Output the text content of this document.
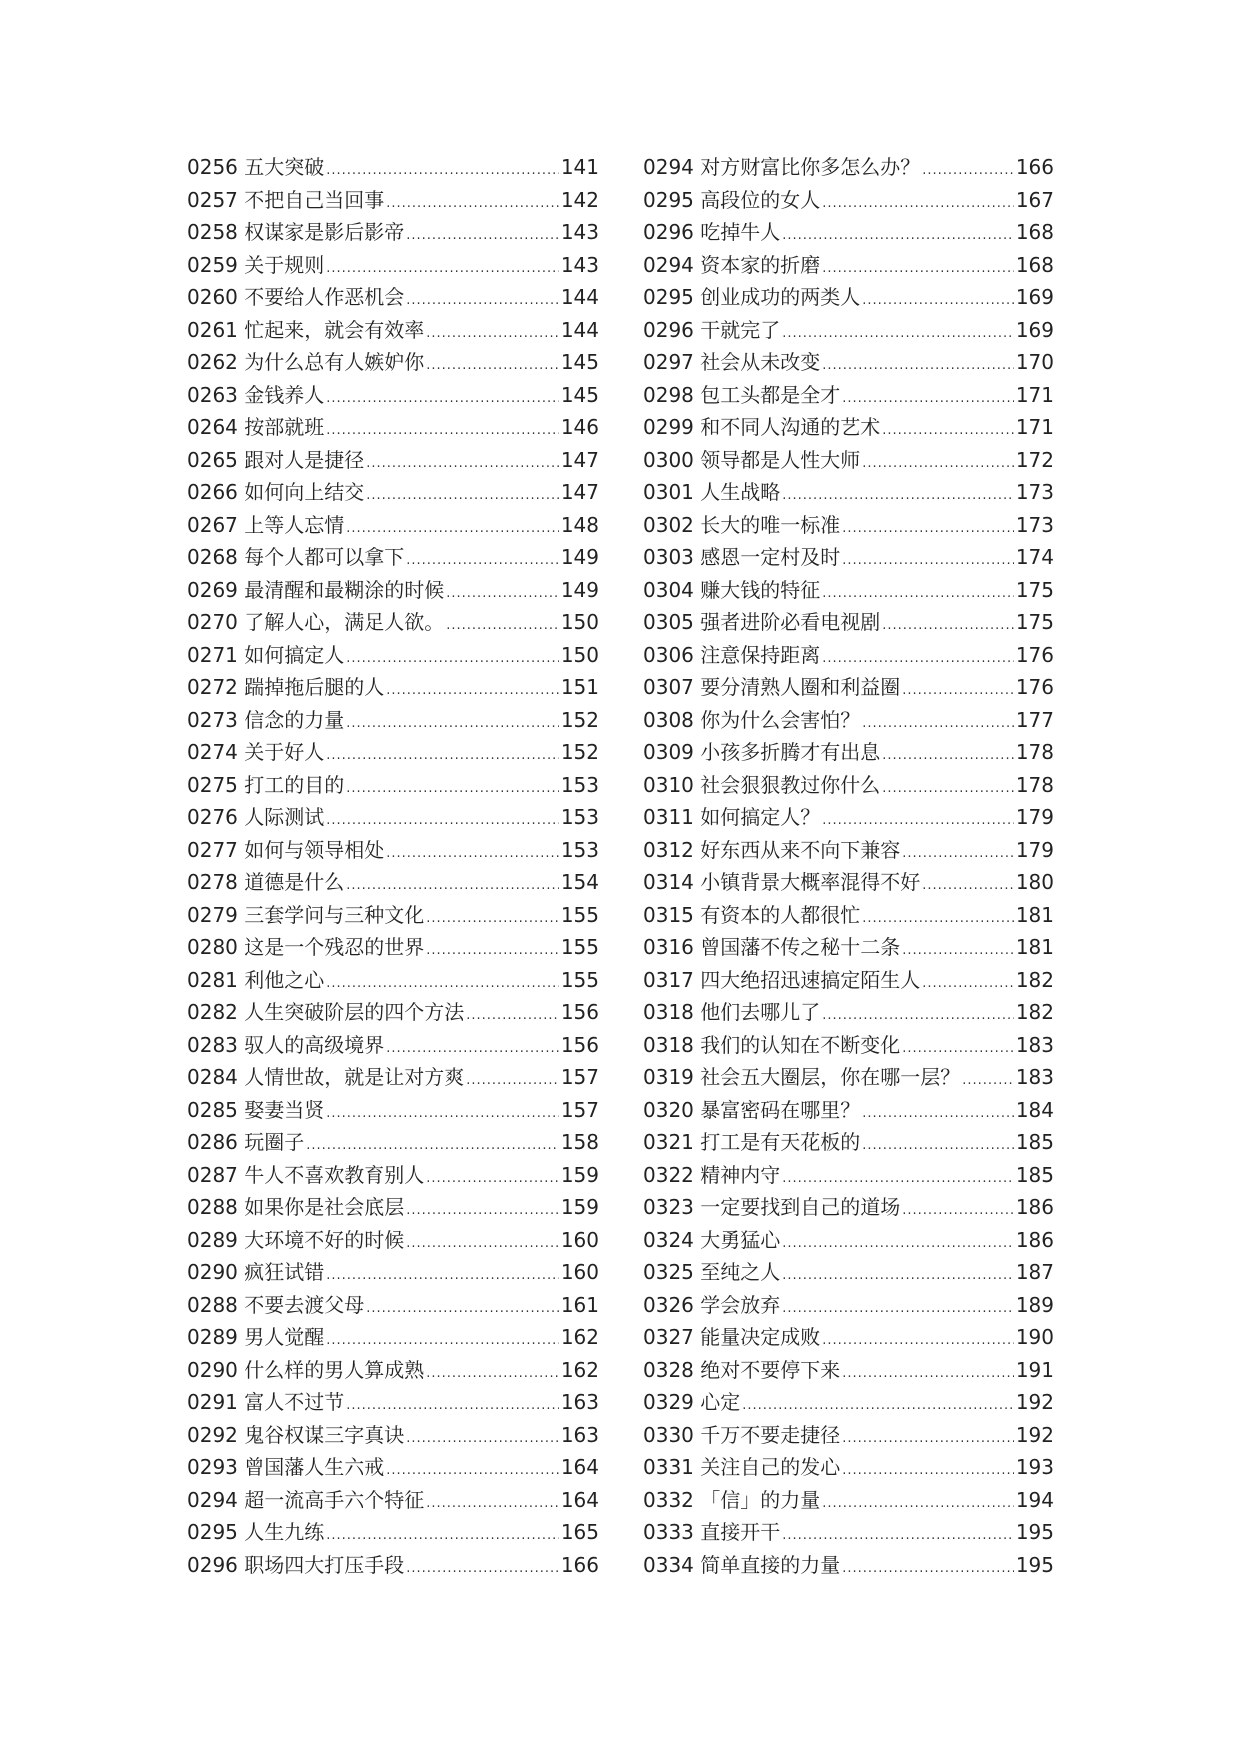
0256 五大突破 .....	141
0257 不把自己当回事 .....	142
0258 权谋家是影后影帝 .....	143
0259 关于规则 .....	143
0260 不要给人作恶机会 .....	144
0261 忙起来，就会有效率 .....	144
0262 为什么总有人嫉妒你 .....	145
0263 金钱养人 .....	145
0264 按部就班 .....	146
0265 跟对人是捷径 .....	147
0266 如何向上结交 .....	147
0267 上等人忘情 .....	148
0268 每个人都可以拿下 .....	149
0269 最清醒和最糊涂的时候 .....	149
0270 了解人心，满足人欲。 .....	150
0271 如何搞定人 .....	150
0272 踹掉拖后腿的人 .....	151
0273 信念的力量 .....	152
0274 关于好人 .....	152
0275 打工的目的 .....	153
0276 人际测试 .....	153
0277 如何与领导相处 .....	153
0278 道德是什么 .....	154
0279 三套学问与三种文化 .....	155
0280 这是一个残忍的世界 .....	155
0281 利他之心 .....	155
0282 人生突破阶层的四个方法 .....	156
0283 驭人的高级境界 .....	156
0284 人情世故，就是让对方爽 .....	157
0285 娶妻当贤 .....	157
0286 玩圈子 .....	158
0287 牛人不喜欢教育别人 .....	159
0288 如果你是社会底层 .....	159
0289 大环境不好的时候 .....	160
0290 疯狂试错 .....	160
0288 不要去渡父母 .....	161
0289 男人觉醒 .....	162
0290 什么样的男人算成熟 .....	162
0291 富人不过节 .....	163
0292 鬼谷权谋三字真诀 .....	163
0293 曾国藩人生六戒 .....	164
0294 超一流高手六个特征 .....	164
0295 人生九练 .....	165
0296 职场四大打压手段 .....	166
0294 对方财富比你多怎么办？ .....	166
0295 高段位的女人 .....	167
0296 吃掉牛人 .....	168
0294 资本家的折磨 .....	168
0295 创业成功的两类人 .....	169
0296 干就完了 .....	169
0297 社会从未改变 .....	170
0298 包工头都是全才 .....	171
0299 和不同人沟通的艺术 .....	171
0300 领导都是人性大师 .....	172
0301 人生战略 .....	173
0302 长大的唯一标准 .....	173
0303 感恩一定村及时 .....	174
0304 赚大钱的特征 .....	175
0305 强者进阶必看电视剧 .....	175
0306 注意保持距离 .....	176
0307 要分清熟人圈和利益圈 .....	176
0308 你为什么会害怕？ .....	177
0309 小孩多折腾才有出息 .....	178
0310 社会狠狠教过你什么 .....	178
0311 如何搞定人？ .....	179
0312 好东西从来不向下兼容 .....	179
0314 小镇背景大概率混得不好 .....	180
0315 有资本的人都很忙 .....	181
0316 曾国藩不传之秘十二条 .....	181
0317 四大绝招迅速搞定陌生人 .....	182
0318 他们去哪儿了 .....	182
0318 我们的认知在不断变化 .....	183
0319 社会五大圈层，你在哪一层？ .....	183
0320 暴富密码在哪里？ .....	184
0321 打工是有天花板的 .....	185
0322 精神内守 .....	185
0323 一定要找到自己的道场 .....	186
0324 大勇猛心 .....	186
0325 至纯之人 .....	187
0326 学会放弃 .....	189
0327 能量决定成败 .....	190
0328 绝对不要停下来 .....	191
0329 心定 .....	192
0330 千万不要走捷径 .....	192
0331 关注自己的发心 .....	193
0332 「信」的力量 .....	194
0333 直接开干 .....	195
0334 简单直接的力量 .....	195
